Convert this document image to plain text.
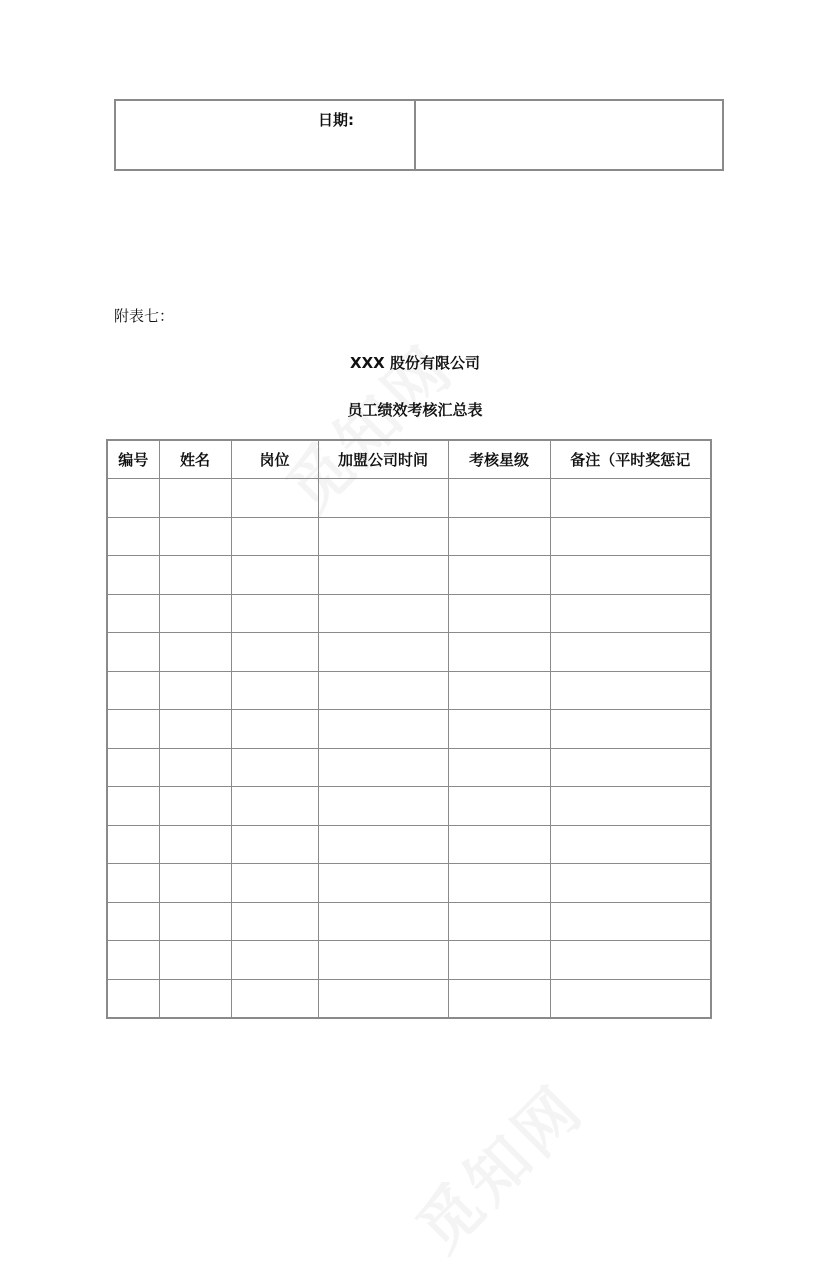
日期:	
附表七：
XXX 股份有限公司
员工绩效考核汇总表
编号	姓名	岗位	加盟公司时间	考核星级	备注（平时奖惩记
